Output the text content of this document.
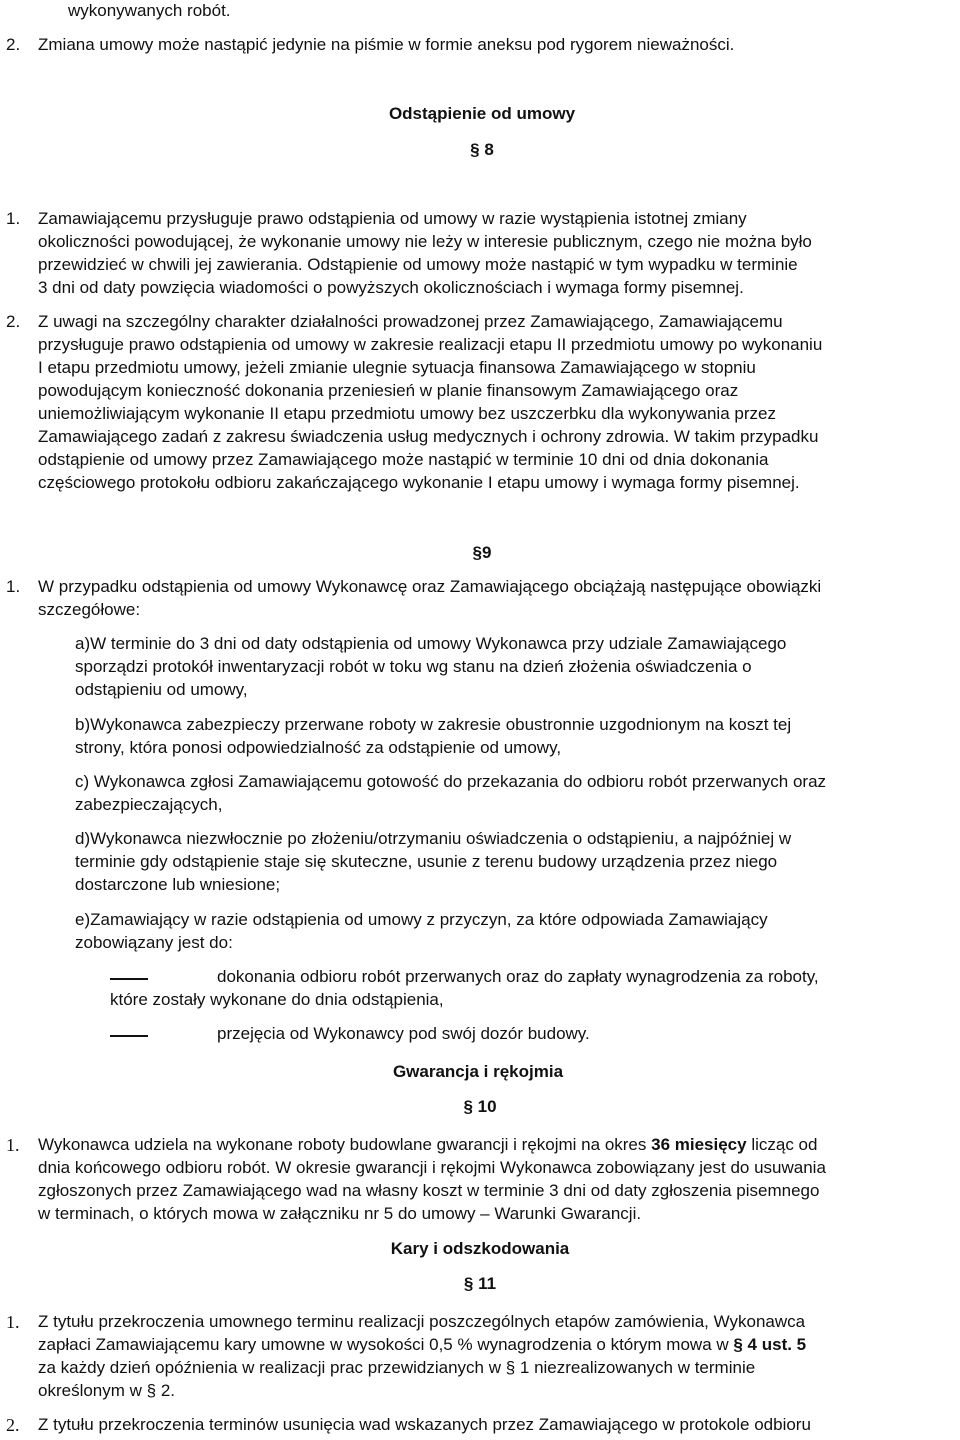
wykonywanych robót.
2. Zmiana umowy może nastąpić jedynie na piśmie w formie aneksu pod rygorem nieważności.
Odstąpienie od umowy
§ 8
1. Zamawiającemu przysługuje prawo odstąpienia od umowy w razie wystąpienia istotnej zmiany
okoliczności powodującej, że wykonanie umowy nie leży w interesie publicznym, czego nie można było
przewidzieć w chwili jej zawierania. Odstąpienie od umowy może nastąpić w tym wypadku w terminie
3 dni od daty powzięcia wiadomości o powyższych okolicznościach i wymaga formy pisemnej.
2. Z uwagi na szczególny charakter działalności prowadzonej przez Zamawiającego, Zamawiającemu
przysługuje prawo odstąpienia od umowy w zakresie realizacji etapu II przedmiotu umowy po wykonaniu
I etapu przedmiotu umowy, jeżeli zmianie ulegnie sytuacja finansowa Zamawiającego w stopniu
powodującym konieczność dokonania przeniesień w planie finansowym Zamawiającego oraz
uniemożliwiającym wykonanie II etapu przedmiotu umowy bez uszczerbku dla wykonywania przez
Zamawiającego zadań z zakresu świadczenia usług medycznych i ochrony zdrowia. W takim przypadku
odstąpienie od umowy przez Zamawiającego może nastąpić w terminie 10 dni od dnia dokonania
częściowego protokołu odbioru zakańczającego wykonanie I etapu umowy i wymaga formy pisemnej.
§9
1. W przypadku odstąpienia od umowy Wykonawcę oraz Zamawiającego obciążają następujące obowiązki
szczegółowe:
a)W terminie do 3 dni od daty odstąpienia od umowy Wykonawca przy udziale Zamawiającego
sporządzi protokół inwentaryzacji robót w toku wg stanu na dzień złożenia oświadczenia o
odstąpieniu od umowy,
b)Wykonawca zabezpieczy przerwane roboty w zakresie obustronnie uzgodnionym na koszt tej
strony, która ponosi odpowiedzialność za odstąpienie od umowy,
c) Wykonawca zgłosi Zamawiającemu gotowość do przekazania do odbioru robót przerwanych oraz
zabezpieczających,
d)Wykonawca niezwłocznie po złożeniu/otrzymaniu oświadczenia o odstąpieniu, a najpóźniej w
terminie gdy odstąpienie staje się skuteczne, usunie z terenu budowy urządzenia przez niego
dostarczone lub wniesione;
e)Zamawiający w razie odstąpienia od umowy z przyczyn, za które odpowiada Zamawiający
zobowiązany jest do:
dokonania odbioru robót przerwanych oraz do zapłaty wynagrodzenia za roboty,
które zostały wykonane do dnia odstąpienia,
przejęcia od Wykonawcy pod swój dozór budowy.
Gwarancja i rękojmia
§ 10
1. Wykonawca udziela na wykonane roboty budowlane gwarancji i rękojmi na okres 36 miesięcy licząc od
dnia końcowego odbioru robót. W okresie gwarancji i rękojmi Wykonawca zobowiązany jest do usuwania
zgłoszonych przez Zamawiającego wad na własny koszt w terminie 3 dni od daty zgłoszenia pisemnego
w terminach, o których mowa w załączniku nr 5 do umowy – Warunki Gwarancji.
Kary i odszkodowania
§ 11
1. Z tytułu przekroczenia umownego terminu realizacji poszczególnych etapów zamówienia, Wykonawca
zapłaci Zamawiającemu kary umowne w wysokości 0,5 % wynagrodzenia o którym mowa w § 4 ust. 5
za każdy dzień opóźnienia w realizacji prac przewidzianych w § 1 niezrealizowanych w terminie
określonym w § 2.
2. Z tytułu przekroczenia terminów usunięcia wad wskazanych przez Zamawiającego w protokole odbioru
